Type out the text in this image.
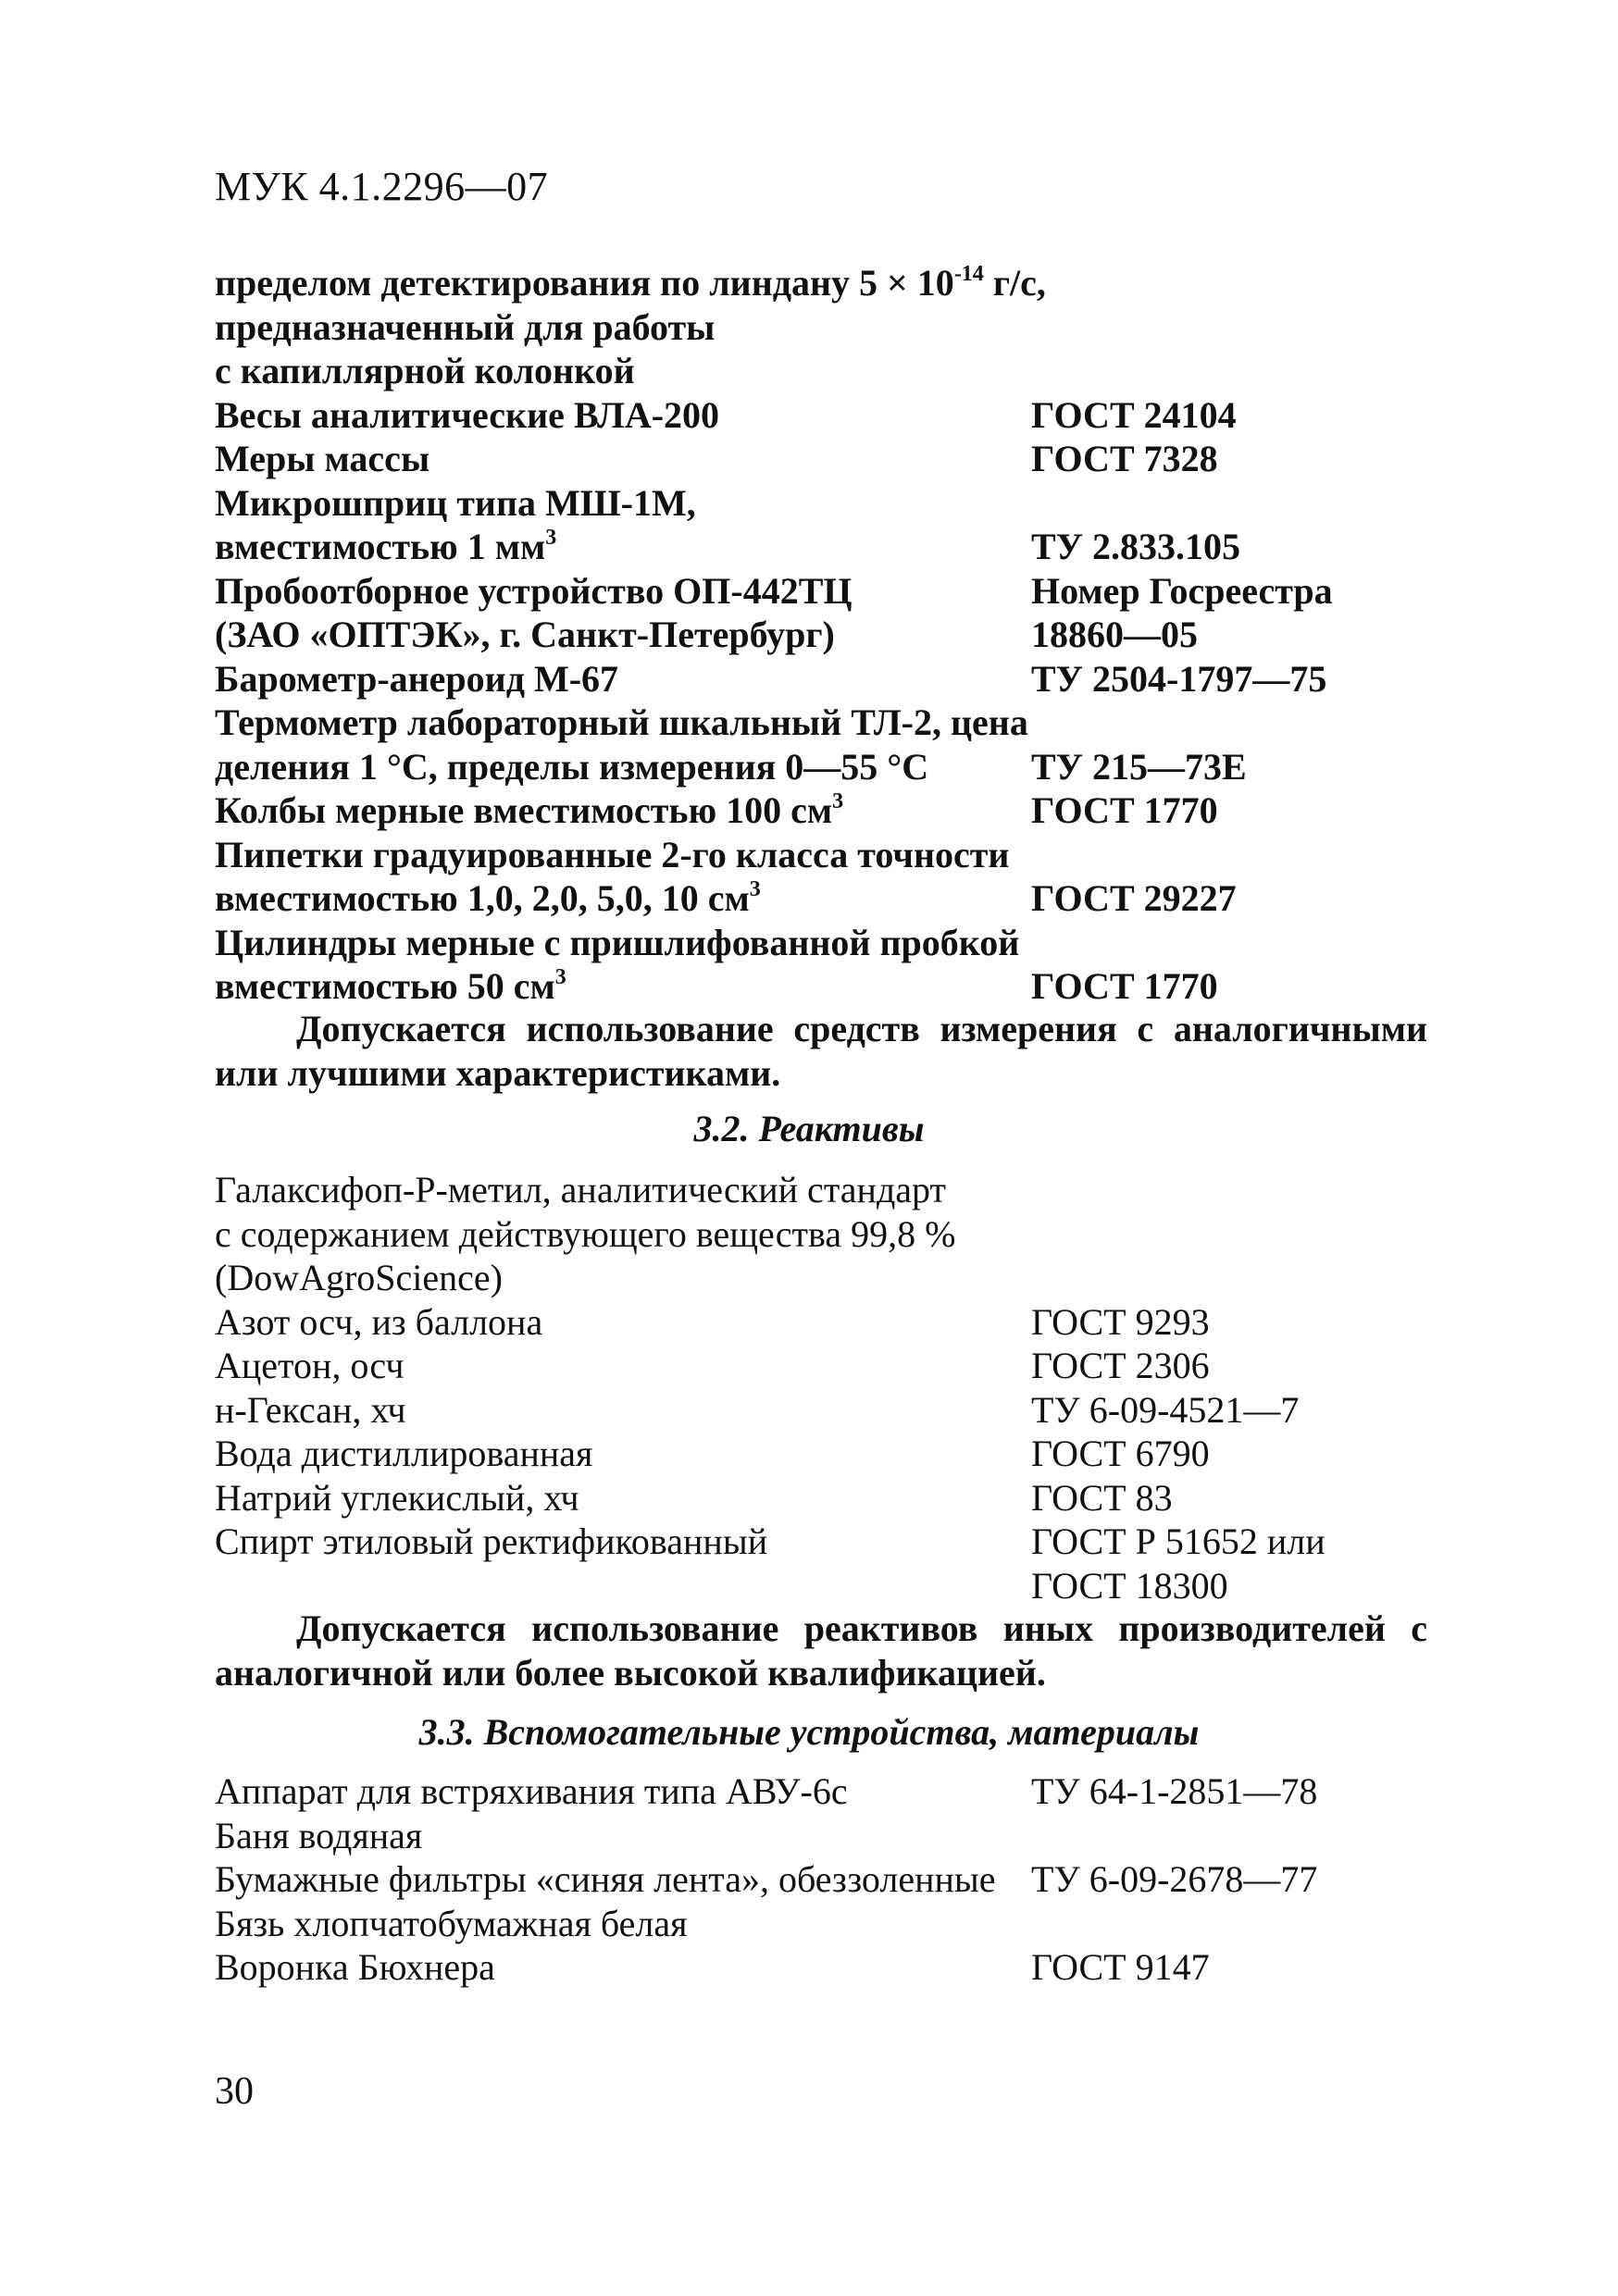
МУК 4.1.2296—07
пределом детектирования по линдану $5 \times 10^{-14}$ г/с,
предназначенный для работы
с капиллярной колонкой
Весы аналитические ВЛА-200	ГОСТ 24104
Меры массы	ГОСТ 7328
Микрошприц типа МШ-1М,
вместимостью 1 $мм^3$	ТУ 2.833.105
Пробоотборное устройство ОП-442ТЦ	Номер Госреестра
(ЗАО «ОПТЭК», г. Санкт-Петербург)	18860—05
Барометр-анероид М-67	ТУ 2504-1797—75
Термометр лабораторный шкальный ТЛ-2, цена
деления 1 °С, пределы измерения 0—55 °С	ТУ 215—73Е
Колбы мерные вместимостью 100 $см^3$	ГОСТ 1770
Пипетки градуированные 2-го класса точности
вместимостью 1,0, 2,0, 5,0, 10 $см^3$	ГОСТ 29227
Цилиндры мерные с пришлифованной пробкой
вместимостью 50 $см^3$	ГОСТ 1770
Допускается использование средств измерения с аналогичными или лучшими характеристиками.
3.2. Реактивы
Галаксифоп-Р-метил, аналитический стандарт
с содержанием действующего вещества 99,8 %
(DowAgroScience)
Азот осч, из баллона	ГОСТ 9293
Ацетон, осч	ГОСТ 2306
н-Гексан, хч	ТУ 6-09-4521—7
Вода дистиллированная	ГОСТ 6790
Натрий углекислый, хч	ГОСТ 83
Спирт этиловый ректификованный	ГОСТ Р 51652 или
ГОСТ 18300
Допускается использование реактивов иных производителей с аналогичной или более высокой квалификацией.
3.3. Вспомогательные устройства, материалы
Аппарат для встряхивания типа АВУ-6с	ТУ 64-1-2851—78
Баня водяная
Бумажные фильтры «синяя лента», обеззоленные ТУ 6-09-2678—77
Бязь хлопчатобумажная белая
Воронка Бюхнера	ГОСТ 9147
30
